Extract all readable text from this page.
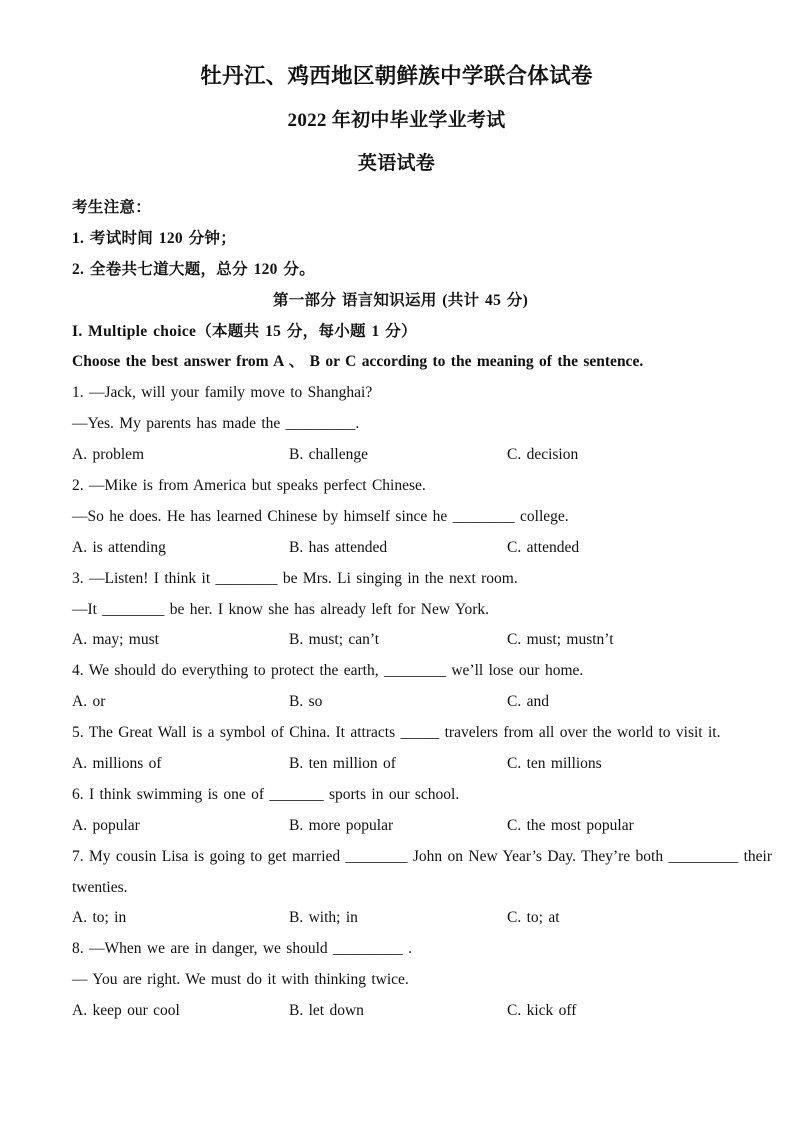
牡丹江、鸡西地区朝鲜族中学联合体试卷
2022 年初中毕业学业考试
英语试卷
考生注意：
1. 考试时间 120 分钟；
2. 全卷共七道大题，总分 120 分。
第一部分 语言知识运用 (共计 45 分)
I. Multiple choice（本题共 15 分，每小题 1 分）
Choose the best answer from A 、 B or C according to the meaning of the sentence.
1. —Jack, will your family move to Shanghai?
—Yes. My parents has made the _________.
A. problem	B. challenge	C. decision
2. —Mike is from America but speaks perfect Chinese.
—So he does. He has learned Chinese by himself since he ________ college.
A. is attending	B. has attended	C. attended
3. —Listen! I think it ________ be Mrs. Li singing in the next room.
—It ________ be her. I know she has already left for New York.
A. may; must	B. must; can’t	C. must; mustn’t
4. We should do everything to protect the earth, ________ we’ll lose our home.
A. or	B. so	C. and
5. The Great Wall is a symbol of China. It attracts _____ travelers from all over the world to visit it.
A. millions of	B. ten million of	C. ten millions
6. I think swimming is one of _______ sports in our school.
A. popular	B. more popular	C. the most popular
7. My cousin Lisa is going to get married ________ John on New Year’s Day. They’re both _________ their
twenties.
A. to; in	B. with; in	C. to; at
8. —When we are in danger, we should _________ .
— You are right. We must do it with thinking twice.
A. keep our cool	B. let down	C. kick off
